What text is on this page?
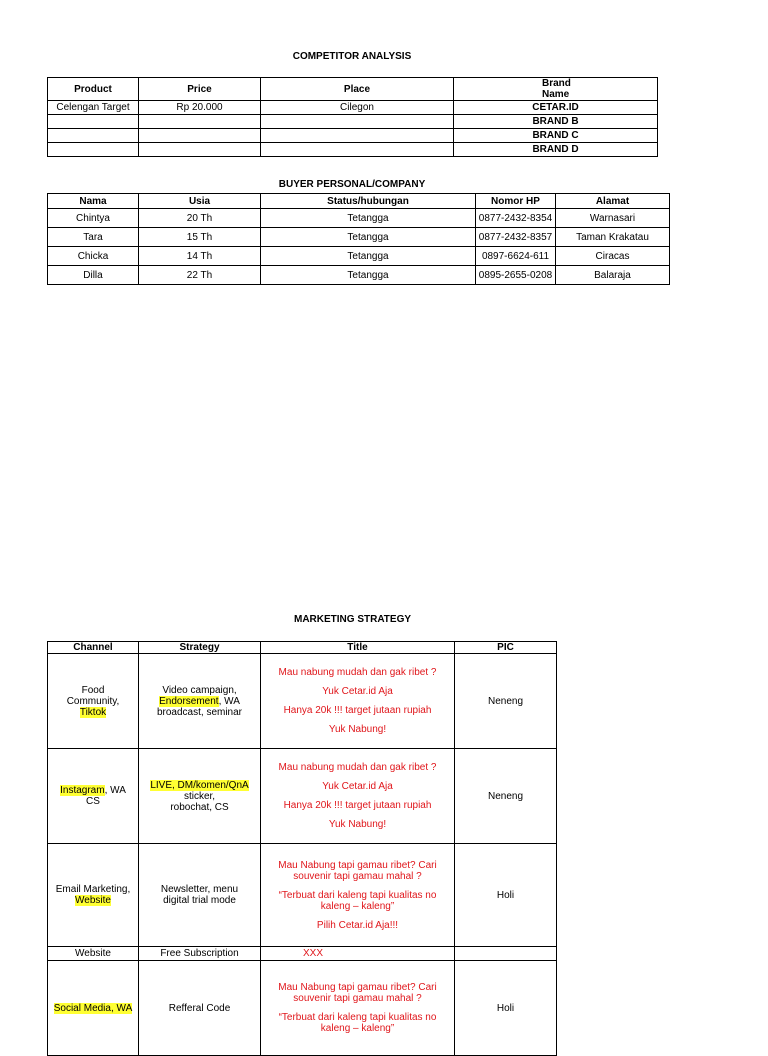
COMPETITOR ANALYSIS
Product	Price	Place	Brand Name
Celengan Target	Rp 20.000	Cilegon	CETAR.ID
			BRAND B
			BRAND C
			BRAND D
BUYER PERSONAL/COMPANY
Nama	Usia	Status/hubungan	Nomor HP	Alamat
Chintya	20 Th	Tetangga	0877-2432-8354	Warnasari
Tara	15 Th	Tetangga	0877-2432-8357	Taman Krakatau
Chicka	14 Th	Tetangga	0897-6624-611	Ciracas
Dilla	22 Th	Tetangga	0895-2655-0208	Balaraja
MARKETING STRATEGY
Channel	Strategy	Title	PIC

Food
Community,
Tiktok	Video campaign,
Endorsement, WA
broadcast, seminar	Mau nabung mudah dan gak ribet ?
Yuk Cetar.id Aja
Hanya 20k !!! target jutaan rupiah
Yuk Nabung!	Neneng

Instagram, WA
CS	LIVE, DM/komen/QnA
sticker,
robochat, CS	Mau nabung mudah dan gak ribet ?
Yuk Cetar.id Aja
Hanya 20k !!! target jutaan rupiah
Yuk Nabung!	Neneng

Email Marketing,
Website	Newsletter, menu
digital trial mode	Mau Nabung tapi gamau ribet? Cari
souvenir tapi gamau mahal ?
“Terbuat dari kaleng tapi kualitas no
kaleng – kaleng”
Pilih Cetar.id Aja!!!	Holi
Website	Free Subscription	XXX	
Social Media, WA	Refferal Code	Mau Nabung tapi gamau ribet? Cari
souvenir tapi gamau mahal ?
“Terbuat dari kaleng tapi kualitas no
kaleng – kaleng”	Holi
